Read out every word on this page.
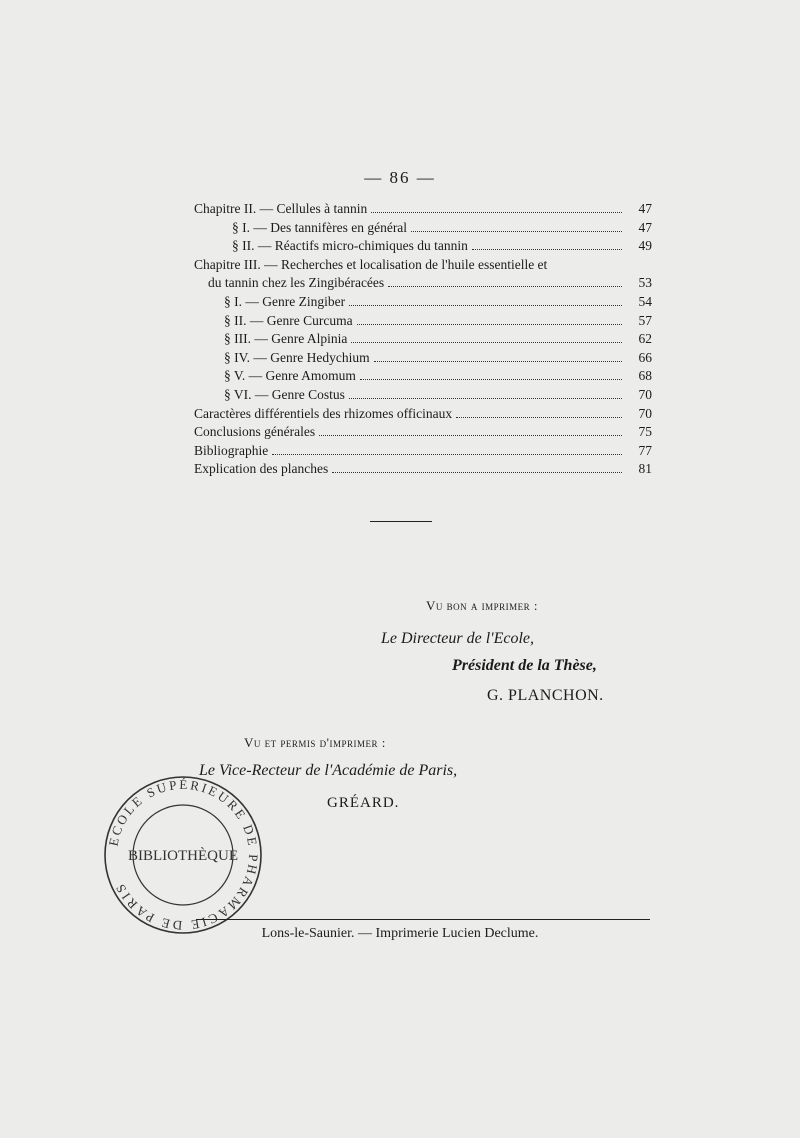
— 86 —
Chapitre II. — Cellules à tannin	47
§ I. — Des tannifères en général	47
§ II. — Réactifs micro-chimiques du tannin	49
Chapitre III. — Recherches et localisation de l'huile essentielle et
du tannin chez les Zingibéracées	53
§ I. — Genre Zingiber	54
§ II. — Genre Curcuma	57
§ III. — Genre Alpinia	62
§ IV. — Genre Hedychium	66
§ V. — Genre Amomum	68
§ VI. — Genre Costus	70
Caractères différentiels des rhizomes officinaux	70
Conclusions générales	75
Bibliographie	77
Explication des planches	81
Vu bon a imprimer :
Le Directeur de l'Ecole,
Président de la Thèse,
G. PLANCHON.
Vu et permis d'imprimer :
Le Vice-Recteur de l'Académie de Paris,
GRÉARD.
ECOLE SUPÉRIEURE DE PHARMACIE DE PARIS
BIBLIOTHÈQUE
Lons-le-Saunier. — Imprimerie Lucien Declume.
